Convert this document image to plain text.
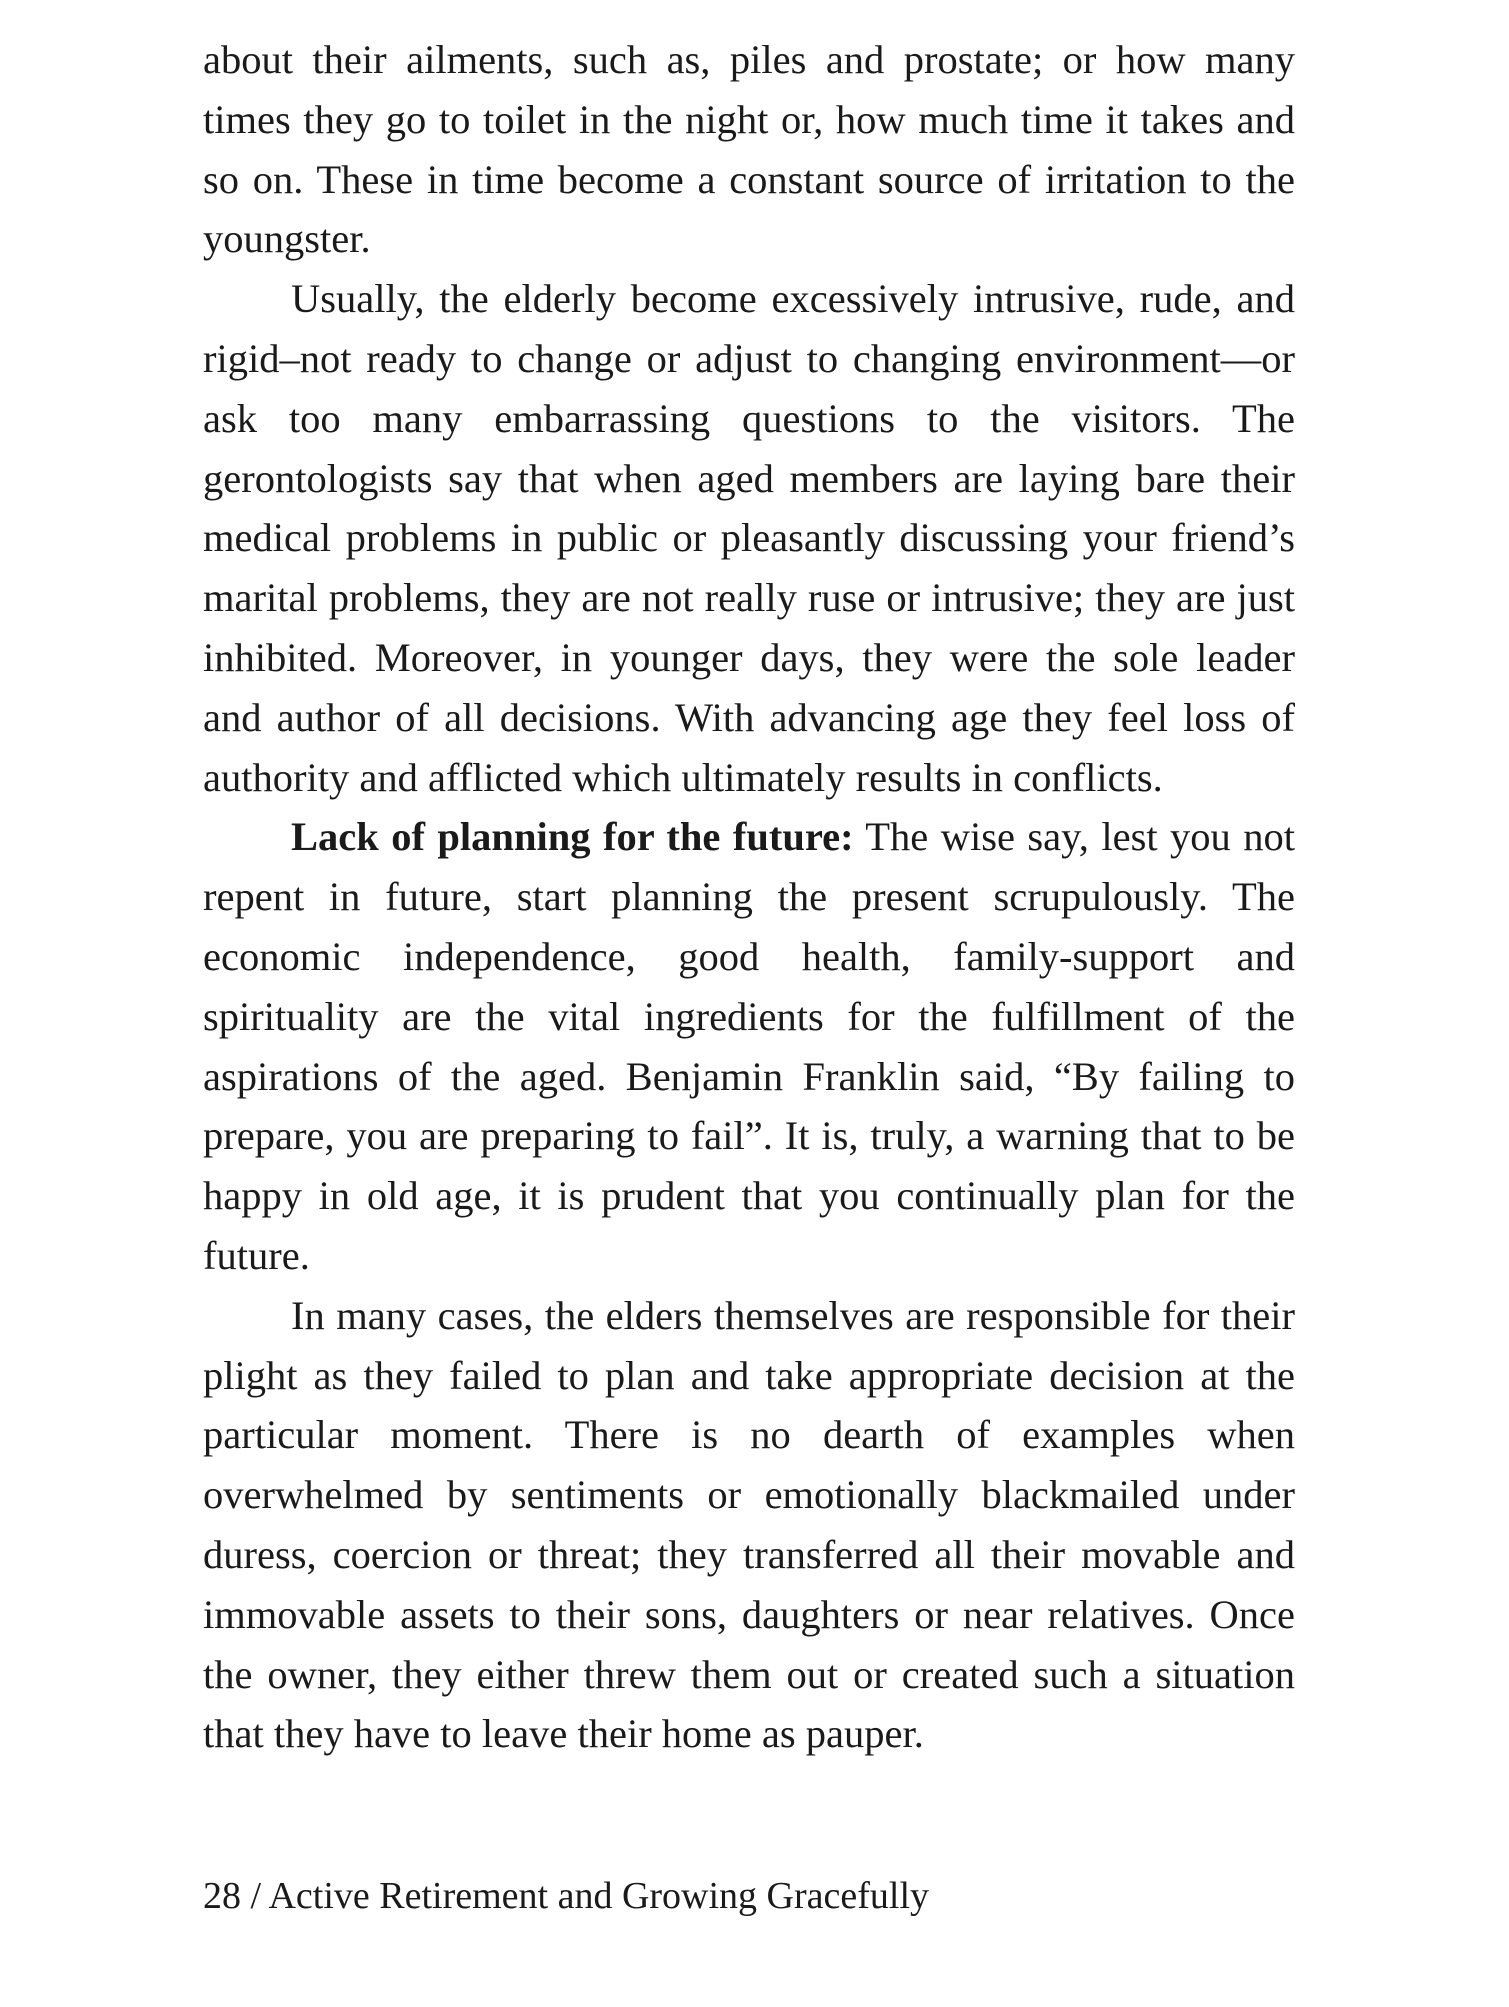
about their ailments, such as, piles and prostate; or how many times they go to toilet in the night or, how much time it takes and so on. These in time become a constant source of irritation to the youngster.

Usually, the elderly become excessively intrusive, rude, and rigid–not ready to change or adjust to changing environment—or ask too many embarrassing questions to the visitors. The gerontologists say that when aged members are laying bare their medical problems in public or pleasantly discussing your friend’s marital problems, they are not really ruse or intrusive; they are just inhibited. Moreover, in younger days, they were the sole leader and author of all decisions. With advancing age they feel loss of authority and afflicted which ultimately results in conflicts.

Lack of planning for the future: The wise say, lest you not repent in future, start planning the present scrupulously. The economic independence, good health, family-support and spirituality are the vital ingredients for the fulfillment of the aspirations of the aged. Benjamin Franklin said, “By failing to prepare, you are preparing to fail”. It is, truly, a warning that to be happy in old age, it is prudent that you continually plan for the future.

In many cases, the elders themselves are responsible for their plight as they failed to plan and take appropriate decision at the particular moment. There is no dearth of examples when overwhelmed by sentiments or emotionally blackmailed under duress, coercion or threat; they transferred all their movable and immovable assets to their sons, daughters or near relatives. Once the owner, they either threw them out or created such a situation that they have to leave their home as pauper.

28 / Active Retirement and Growing Gracefully
